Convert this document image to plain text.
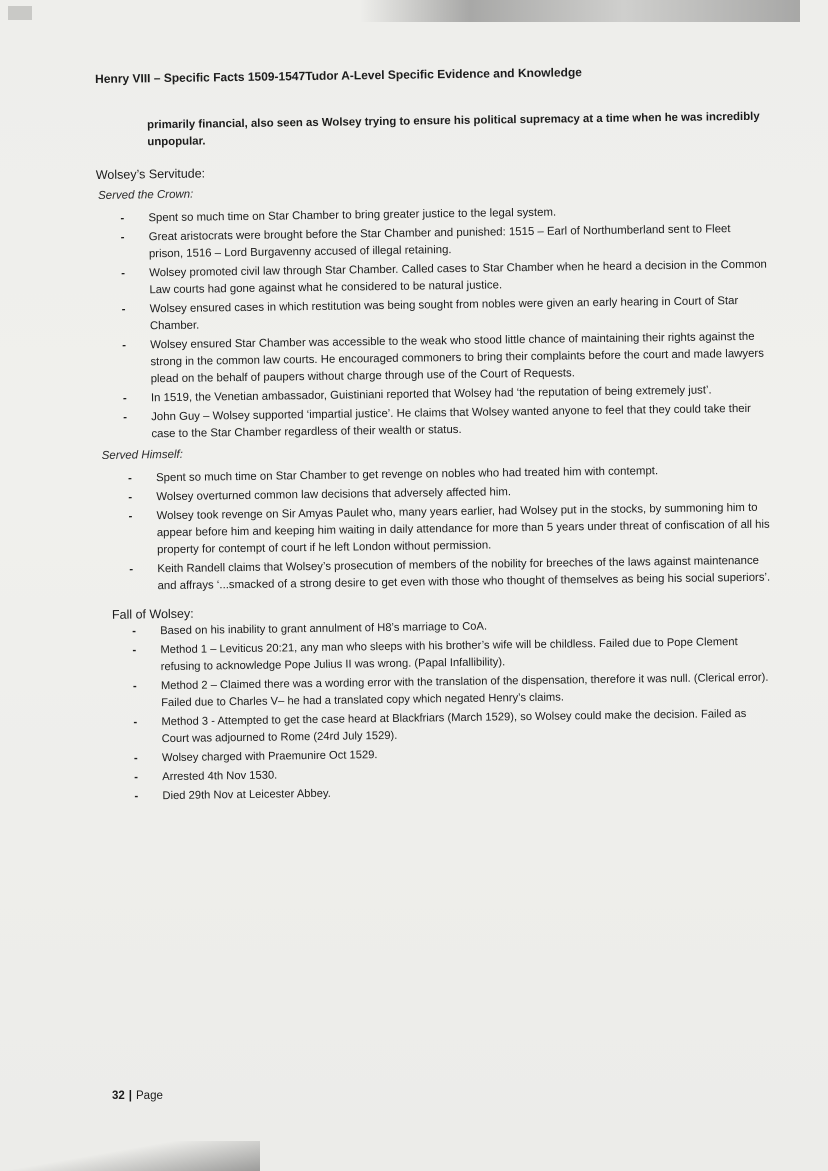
Henry VIII – Specific Facts 1509-1547Tudor A-Level Specific Evidence and Knowledge

primarily financial, also seen as Wolsey trying to ensure his political supremacy at a time when he was incredibly unpopular.

Wolsey’s Servitude:
Served the Crown:
- Spent so much time on Star Chamber to bring greater justice to the legal system.
- Great aristocrats were brought before the Star Chamber and punished: 1515 – Earl of Northumberland sent to Fleet prison, 1516 – Lord Burgavenny accused of illegal retaining.
- Wolsey promoted civil law through Star Chamber. Called cases to Star Chamber when he heard a decision in the Common Law courts had gone against what he considered to be natural justice.
- Wolsey ensured cases in which restitution was being sought from nobles were given an early hearing in Court of Star Chamber.
- Wolsey ensured Star Chamber was accessible to the weak who stood little chance of maintaining their rights against the strong in the common law courts. He encouraged commoners to bring their complaints before the court and made lawyers plead on the behalf of paupers without charge through use of the Court of Requests.
- In 1519, the Venetian ambassador, Guistiniani reported that Wolsey had ‘the reputation of being extremely just’.
- John Guy – Wolsey supported ‘impartial justice’. He claims that Wolsey wanted anyone to feel that they could take their case to the Star Chamber regardless of their wealth or status.
Served Himself:
- Spent so much time on Star Chamber to get revenge on nobles who had treated him with contempt.
- Wolsey overturned common law decisions that adversely affected him.
- Wolsey took revenge on Sir Amyas Paulet who, many years earlier, had Wolsey put in the stocks, by summoning him to appear before him and keeping him waiting in daily attendance for more than 5 years under threat of confiscation of all his property for contempt of court if he left London without permission.
- Keith Randell claims that Wolsey’s prosecution of members of the nobility for breeches of the laws against maintenance and affrays ‘...smacked of a strong desire to get even with those who thought of themselves as being his social superiors’.
Fall of Wolsey:
- Based on his inability to grant annulment of H8’s marriage to CoA.
- Method 1 – Leviticus 20:21, any man who sleeps with his brother’s wife will be childless. Failed due to Pope Clement refusing to acknowledge Pope Julius II was wrong. (Papal Infallibility).
- Method 2 – Claimed there was a wording error with the translation of the dispensation, therefore it was null. (Clerical error). Failed due to Charles V– he had a translated copy which negated Henry’s claims.
- Method 3 - Attempted to get the case heard at Blackfriars (March 1529), so Wolsey could make the decision. Failed as Court was adjourned to Rome (24rd July 1529).
- Wolsey charged with Praemunire Oct 1529.
- Arrested 4th Nov 1530.
- Died 29th Nov at Leicester Abbey.
32 | Page
